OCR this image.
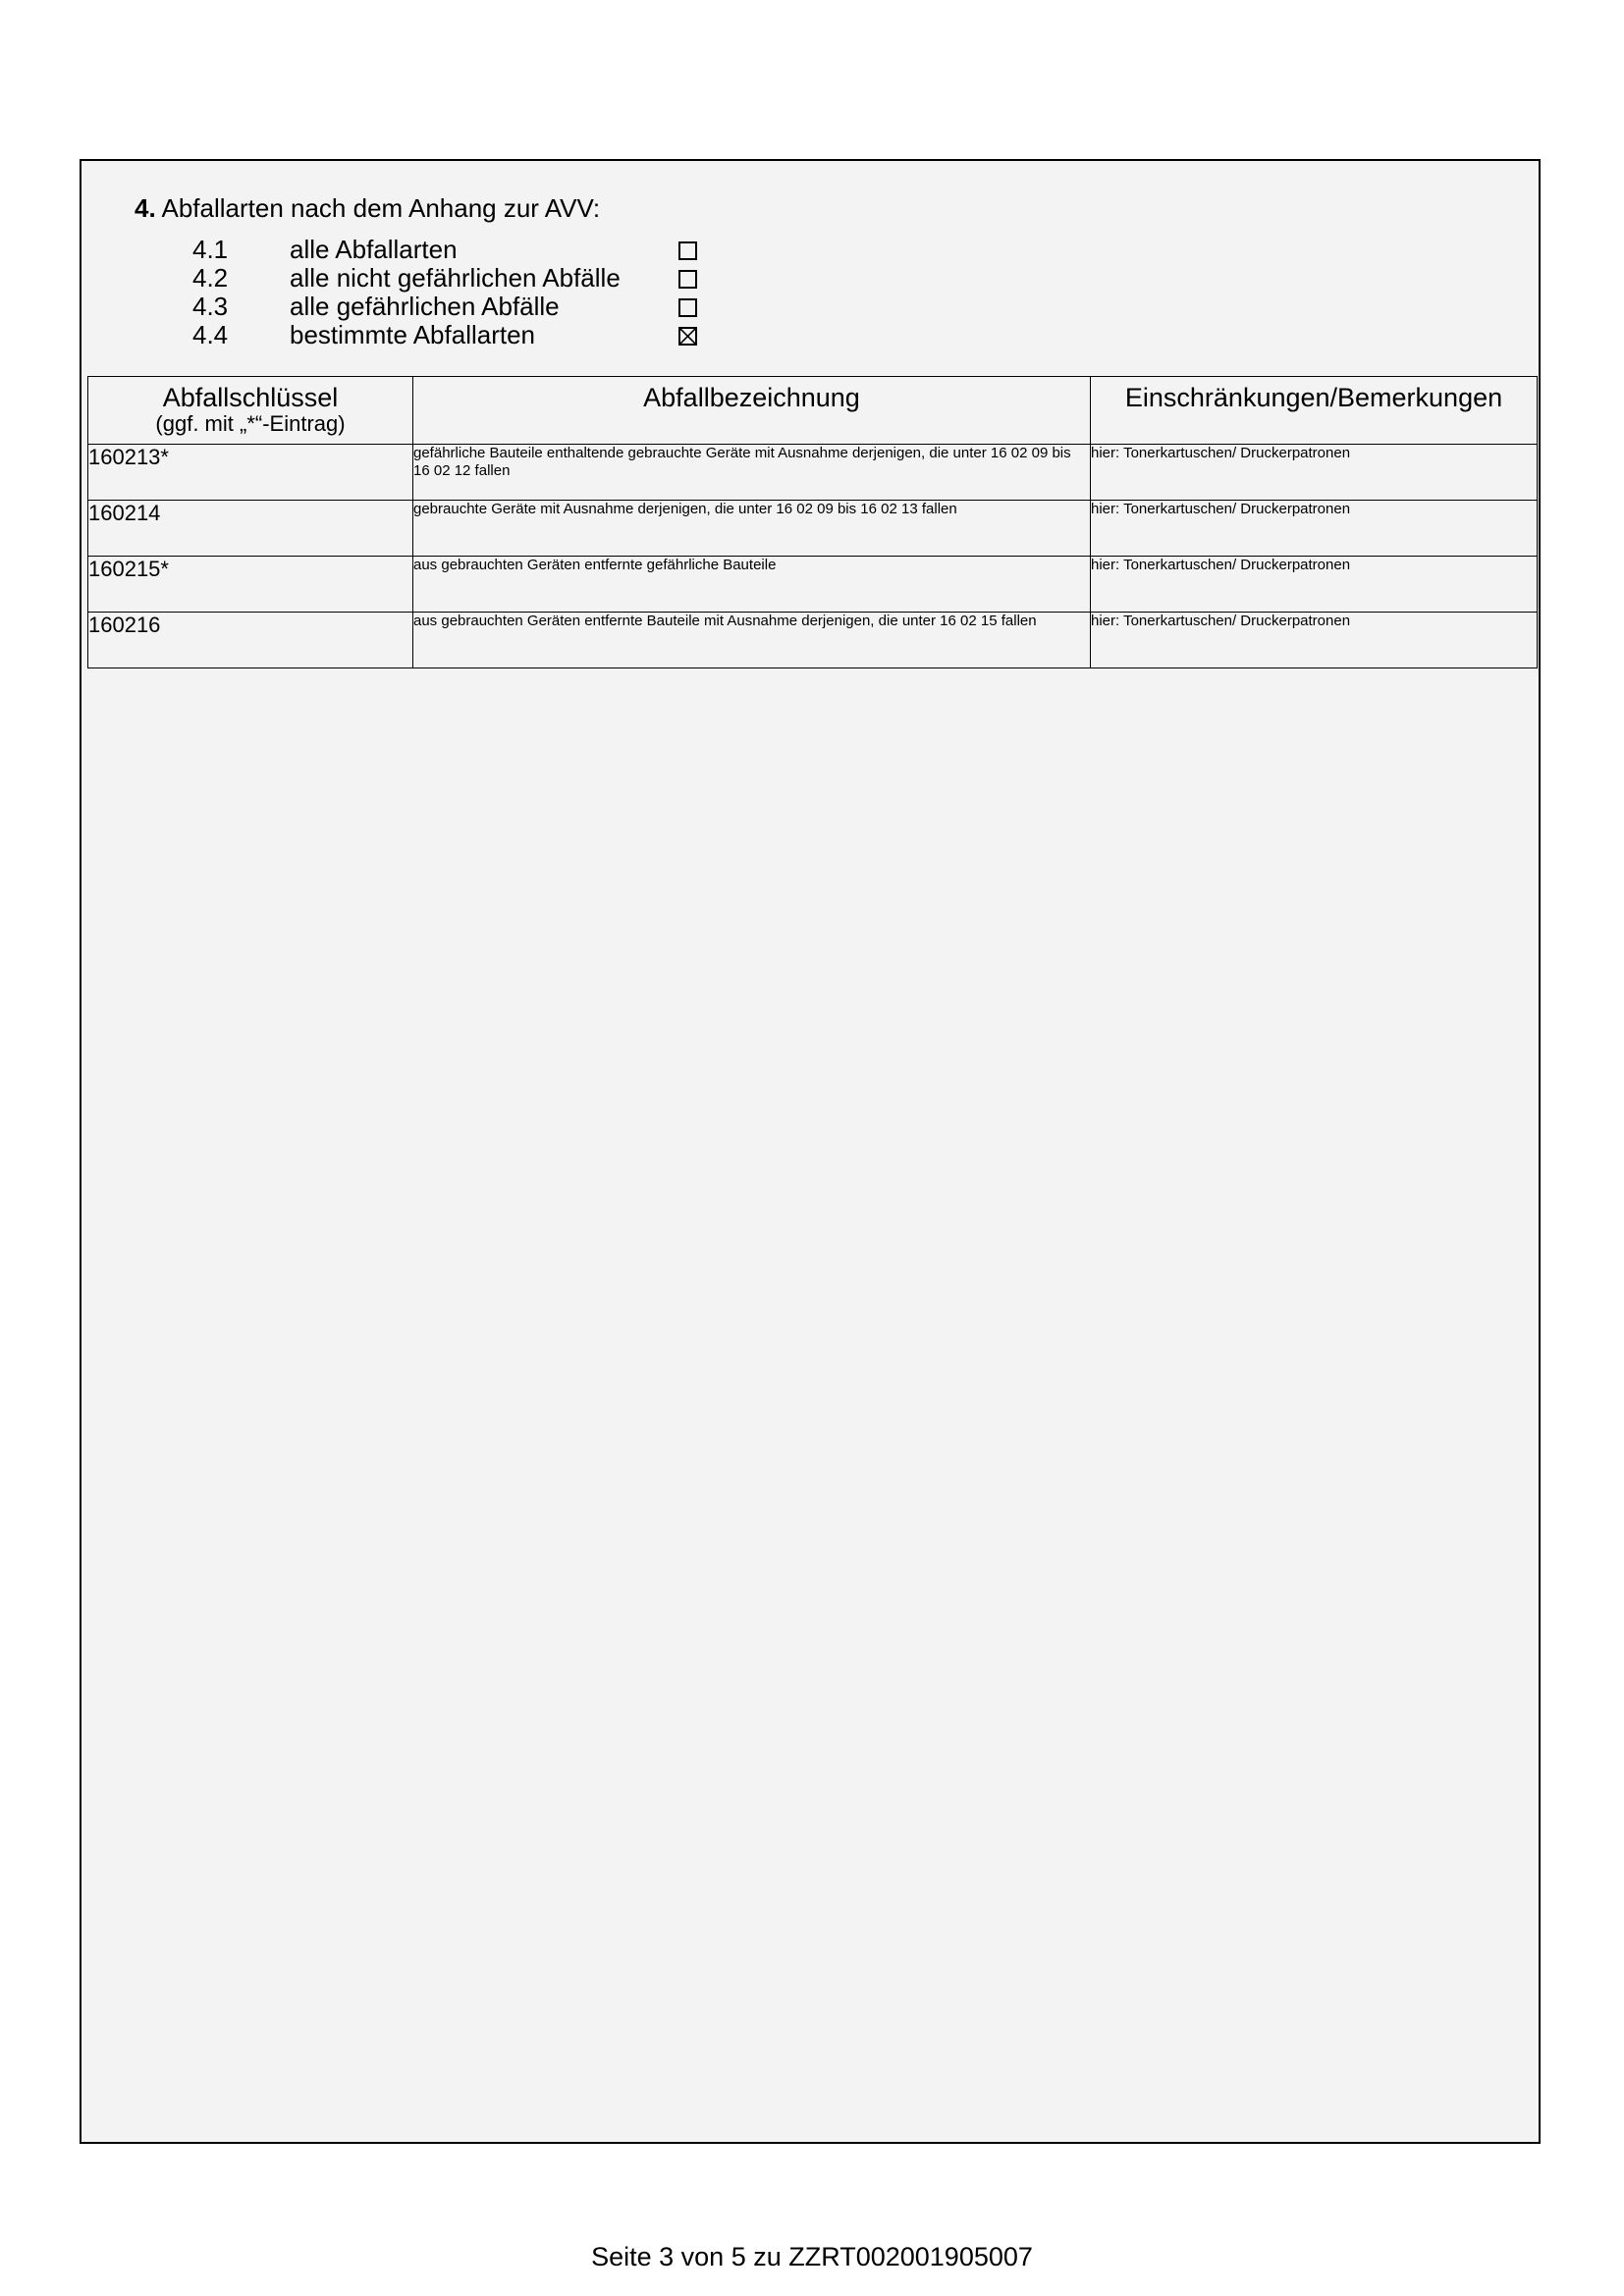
4. Abfallarten nach dem Anhang zur AVV:
4.1 alle Abfallarten
4.2 alle nicht gefährlichen Abfälle
4.3 alle gefährlichen Abfälle
4.4 bestimmte Abfallarten
Abfallschlüssel
(ggf. mit „*“-Eintrag)	Abfallbezeichnung	Einschränkungen/Bemerkungen

160213*	gefährliche Bauteile enthaltende gebrauchte Geräte mit Ausnahme derjenigen, die unter 16 02 09 bis 16 02 12 fallen	hier: Tonerkartuschen/ Druckerpatronen
160214	gebrauchte Geräte mit Ausnahme derjenigen, die unter 16 02 09 bis 16 02 13 fallen	hier: Tonerkartuschen/ Druckerpatronen
160215*	aus gebrauchten Geräten entfernte gefährliche Bauteile	hier: Tonerkartuschen/ Druckerpatronen
160216	aus gebrauchten Geräten entfernte Bauteile mit Ausnahme derjenigen, die unter 16 02 15 fallen	hier: Tonerkartuschen/ Druckerpatronen
Seite 3 von 5 zu ZZRT002001905007
